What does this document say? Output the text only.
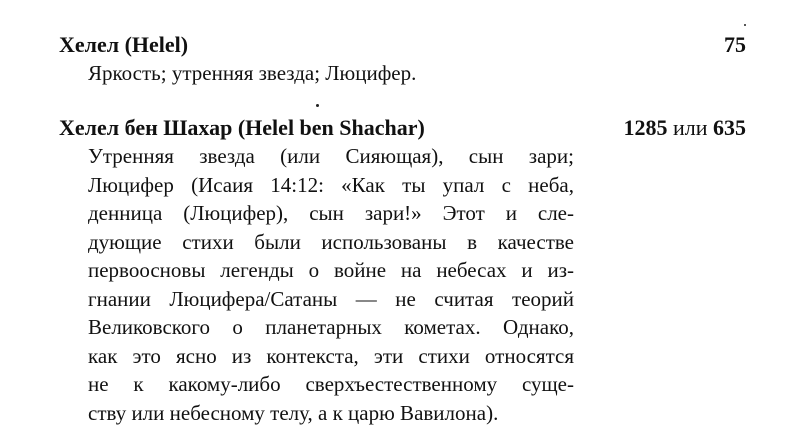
Хелел (Helel)	75
Яркость; утренняя звезда; Люцифер.
Хелел бен Шахар (Helel ben Shachar)	1285 или 635
Утренняя звезда (или Сияющая), сын зари;
Люцифер (Исаия 14:12: «Как ты упал с неба,
денница (Люцифер), сын зари!» Этот и сле-
дующие стихи были использованы в качестве
первоосновы легенды о войне на небесах и из-
гнании Люцифера/Сатаны — не считая теорий
Великовского о планетарных кометах. Однако,
как это ясно из контекста, эти стихи относятся
не к какому-либо сверхъестественному суще-
ству или небесному телу, а к царю Вавилона).
